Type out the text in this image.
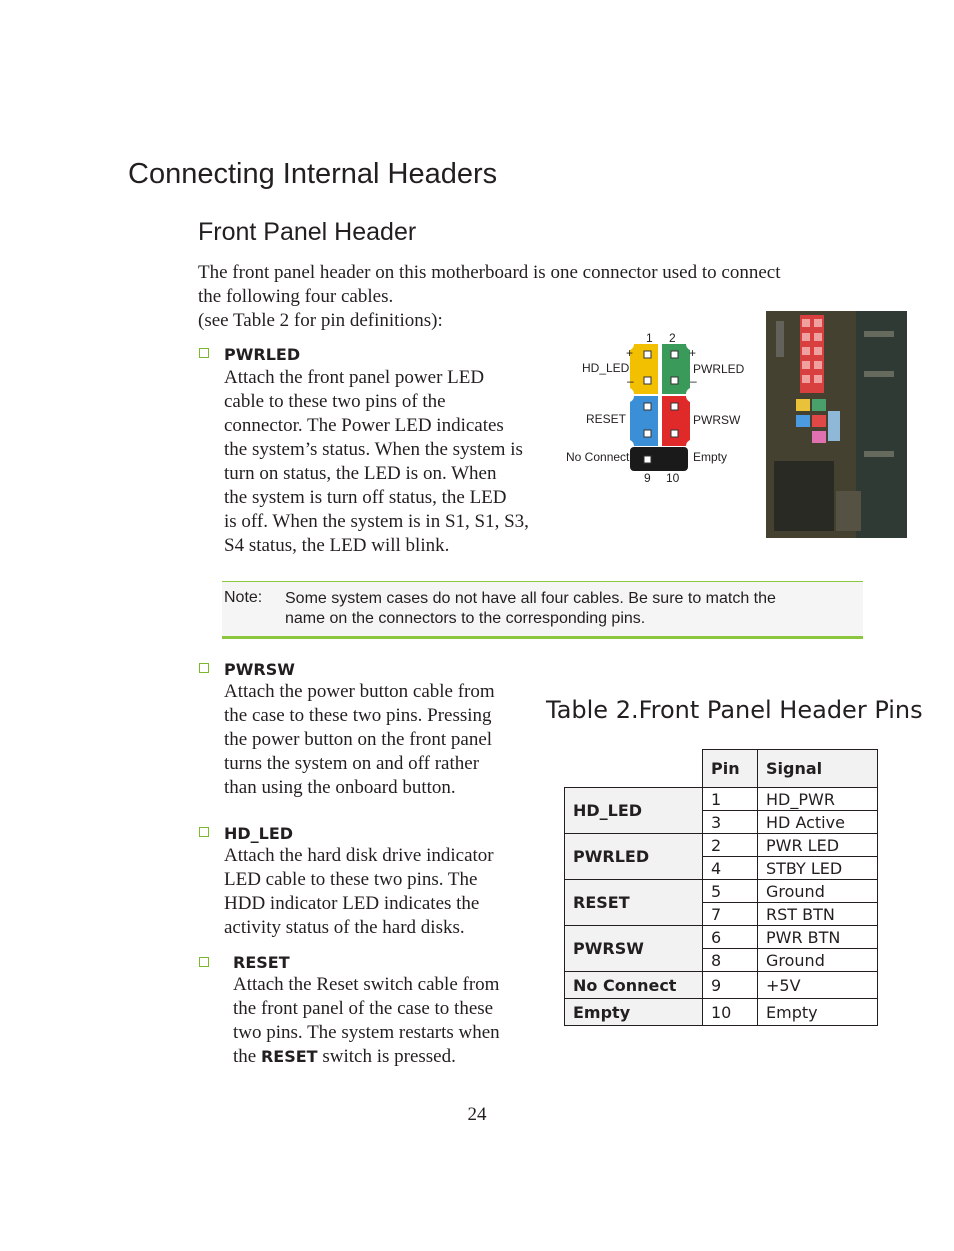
Connecting Internal Headers
Front Panel Header
The front panel header on this motherboard is one connector used to connect
the following four cables.
(see Table 2 for pin definitions):
PWRLED
Attach the front panel power LED
cable to these two pins of the
connector. The Power LED indicates
the system’s status. When the system is
turn on status, the LED is on. When
the system is turn off status, the LED
is off. When the system is in S1, S1, S3,
S4 status, the LED will blink.
1 2
+	+
–	–
HD_LED
RESET
No Connect
PWRLED
PWRSW
Empty
9 10
Note: Some system cases do not have all four cables. Be sure to match the
name on the connectors to the corresponding pins.
PWRSW
Attach the power button cable from
the case to these two pins. Pressing
the power button on the front panel
turns the system on and off rather
than using the onboard button.
HD_LED
Attach the hard disk drive indicator
LED cable to these two pins. The
HDD indicator LED indicates the
activity status of the hard disks.
RESET
Attach the Reset switch cable from
the front panel of the case to these
two pins. The system restarts when
the RESET switch is pressed.
Table 2.Front Panel Header Pins
	Pin	Signal
HD_LED	1	HD_PWR
	3	HD Active
PWRLED	2	PWR LED
	4	STBY LED
RESET	5	Ground
	7	RST BTN
PWRSW	6	PWR BTN
	8	Ground
No Connect	9	+5V
Empty	10	Empty
24
